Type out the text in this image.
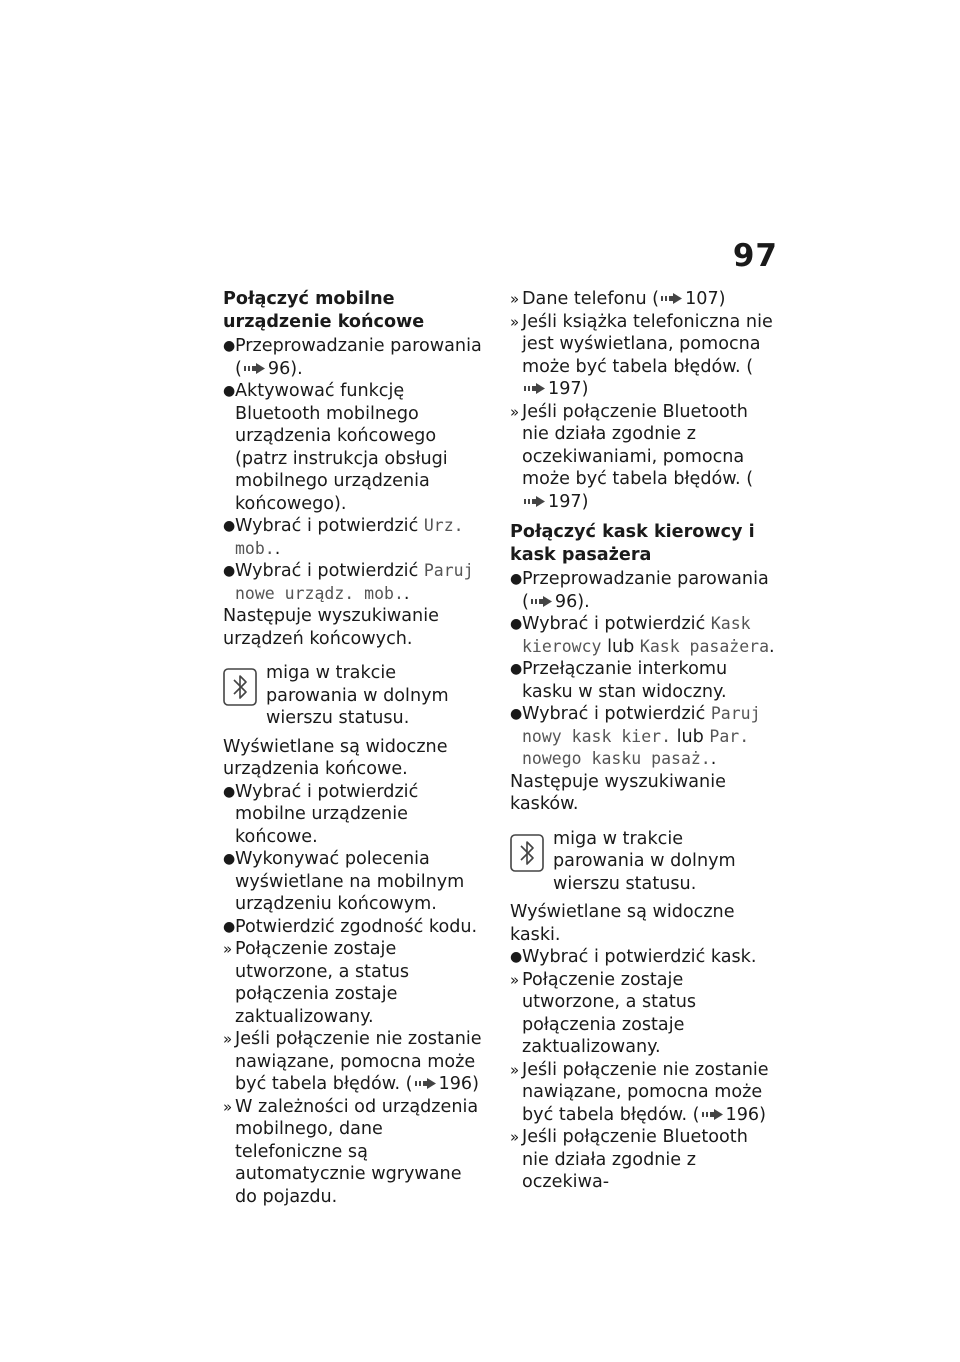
97
Połączyć mobilne urządzenie końcowe
● Przeprowadzanie parowania ( 96).
● Aktywować funkcję Bluetooth mobilnego urządzenia końcowego (patrz instrukcja obsługi mobilnego urządzenia końcowego).
● Wybrać i potwierdzić Urz. mob..
● Wybrać i potwierdzić Paruj nowe urządz. mob..

Następuje wyszukiwanie urządzeń końcowych.

miga w trakcie parowania w dolnym wierszu statusu.

Wyświetlane są widoczne urządzenia końcowe.

● Wybrać i potwierdzić mobilne urządzenie końcowe.
● Wykonywać polecenia wyświetlane na mobilnym urządzeniu końcowym.
● Potwierdzić zgodność kodu.
» Połączenie zostaje utworzone, a status połączenia zostaje zaktualizowany.
» Jeśli połączenie nie zostanie nawiązane, pomocna może być tabela błędów. ( 196)
» W zależności od urządzenia mobilnego, dane telefoniczne są automatycznie wgrywane do pojazdu.
» Dane telefonu ( 107)
» Jeśli książka telefoniczna nie jest wyświetlana, pomocna może być tabela błędów. (197)
» Jeśli połączenie Bluetooth nie działa zgodnie z oczekiwaniami, pomocna może być tabela błędów. (197)
Połączyć kask kierowcy i kask pasażera
● Przeprowadzanie parowania ( 96).
● Wybrać i potwierdzić Kask kierowcy lub Kask pasażera.
● Przełączanie interkomu kasku w stan widoczny.
● Wybrać i potwierdzić Paruj nowy kask kier. lub Par. nowego kasku pasaż..

Następuje wyszukiwanie kasków.

miga w trakcie parowania w dolnym wierszu statusu.

Wyświetlane są widoczne kaski.

● Wybrać i potwierdzić kask.
» Połączenie zostaje utworzone, a status połączenia zostaje zaktualizowany.
» Jeśli połączenie nie zostanie nawiązane, pomocna może być tabela błędów. ( 196)
» Jeśli połączenie Bluetooth nie działa zgodnie z oczekiwa-
